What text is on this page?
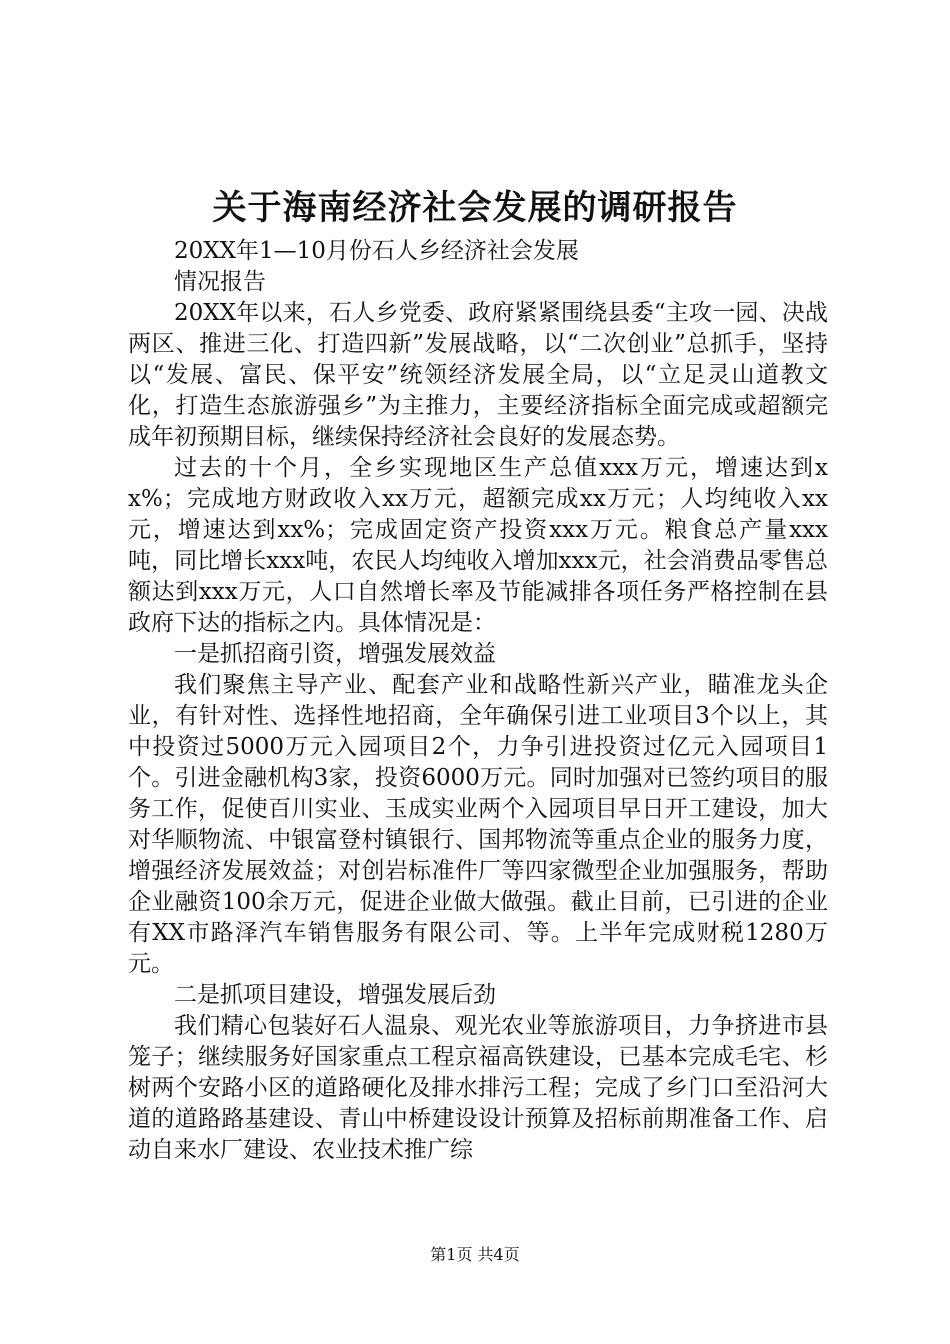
关于海南经济社会发展的调研报告

20XX年1—10月份石人乡经济社会发展

情况报告

20XX年以来，石人乡党委、政府紧紧围绕县委“主攻一园、决战两区、推进三化、打造四新”发展战略，以“二次创业”总抓手，坚持以“发展、富民、保平安”统领经济发展全局，以“立足灵山道教文化，打造生态旅游强乡”为主推力，主要经济指标全面完成或超额完成年初预期目标，继续保持经济社会良好的发展态势。

过去的十个月，全乡实现地区生产总值xxx万元，增速达到xx%；完成地方财政收入xx万元，超额完成xx万元；人均纯收入xx元，增速达到xx%；完成固定资产投资xxx万元。粮食总产量xxx吨，同比增长xxx吨，农民人均纯收入增加xxx元，社会消费品零售总额达到xxx万元，人口自然增长率及节能减排各项任务严格控制在县政府下达的指标之内。具体情况是：

一是抓招商引资，增强发展效益

我们聚焦主导产业、配套产业和战略性新兴产业，瞄准龙头企业，有针对性、选择性地招商，全年确保引进工业项目3个以上，其中投资过5000万元入园项目2个，力争引进投资过亿元入园项目1个。引进金融机构3家，投资6000万元。同时加强对已签约项目的服务工作，促使百川实业、玉成实业两个入园项目早日开工建设，加大对华顺物流、中银富登村镇银行、国邦物流等重点企业的服务力度，增强经济发展效益；对创岩标准件厂等四家微型企业加强服务，帮助企业融资100余万元，促进企业做大做强。截止目前，已引进的企业有XX市路泽汽车销售服务有限公司、等。上半年完成财税1280万元。

二是抓项目建设，增强发展后劲

我们精心包装好石人温泉、观光农业等旅游项目，力争挤进市县笼子；继续服务好国家重点工程京福高铁建设，已基本完成毛宅、杉树两个安路小区的道路硬化及排水排污工程；完成了乡门口至沿河大道的道路路基建设、青山中桥建设设计预算及招标前期准备工作、启动自来水厂建设、农业技术推广综

第1页 共4页
